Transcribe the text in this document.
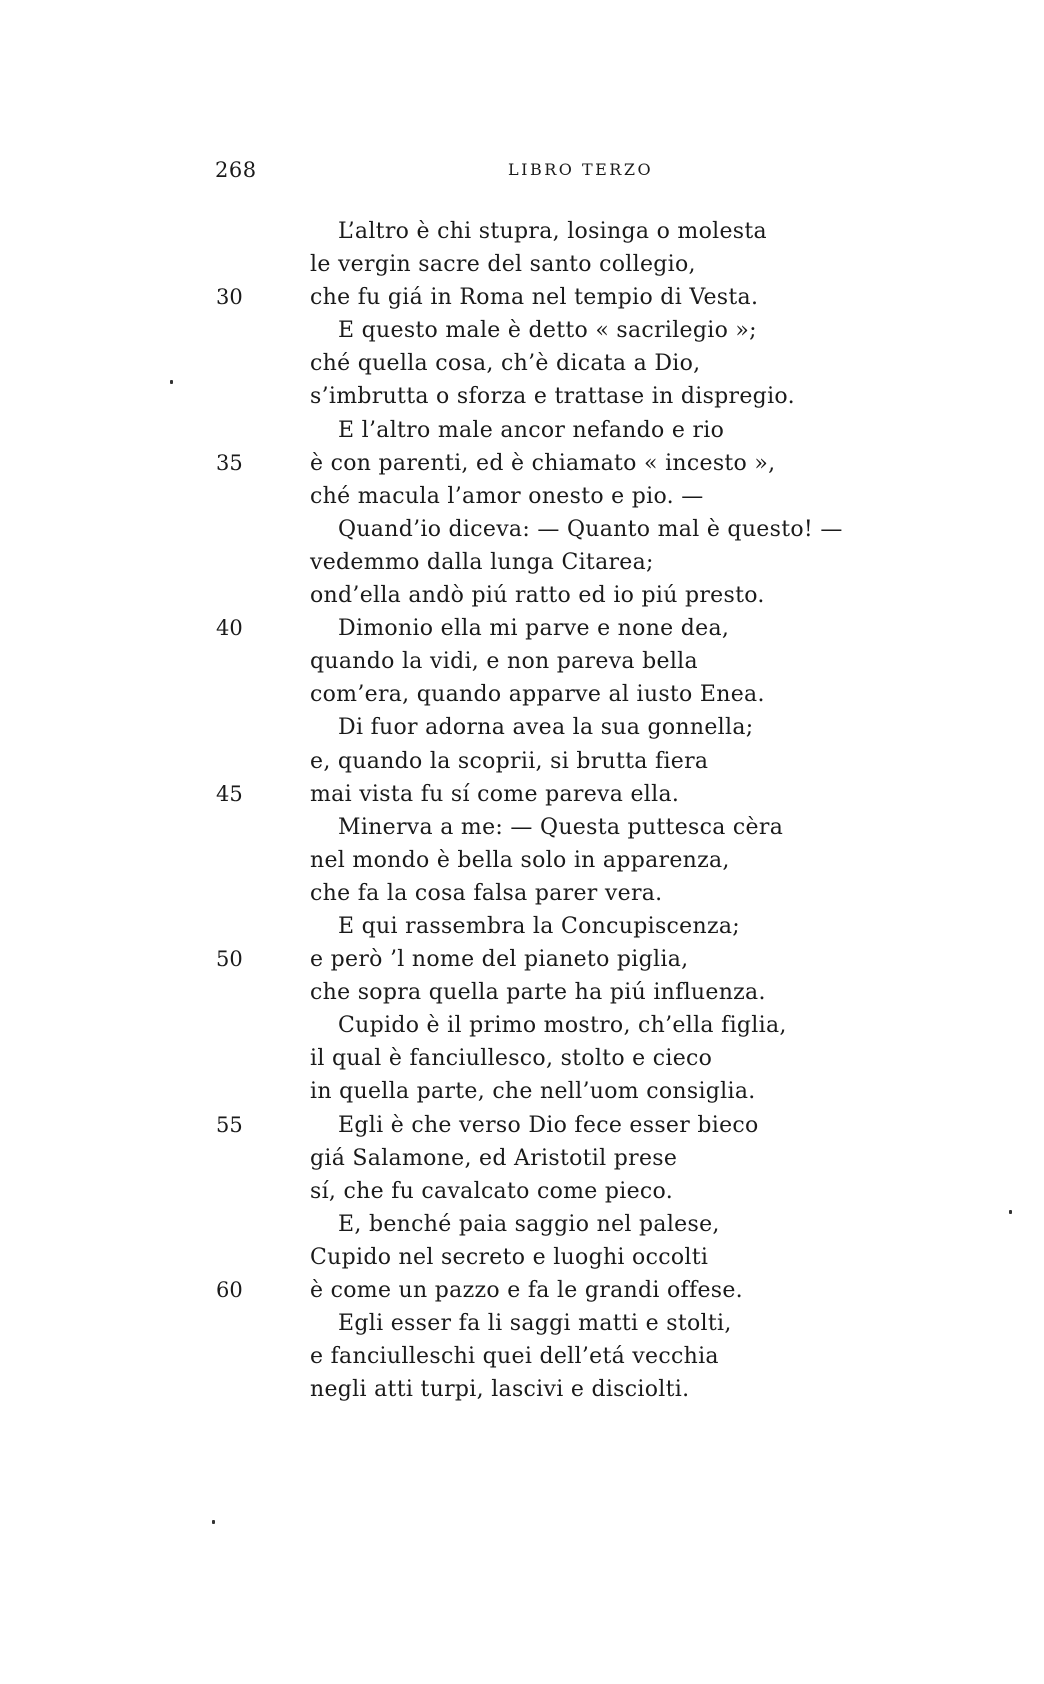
268	LIBRO TERZO
L’altro è chi stupra, losinga o molesta
le vergin sacre del santo collegio,
30	che fu giá in Roma nel tempio di Vesta.
E questo male è detto « sacrilegio »;
ché quella cosa, ch’è dicata a Dio,
s’imbrutta o sforza e trattase in dispregio.
E l’altro male ancor nefando e rio
35	è con parenti, ed è chiamato « incesto »,
ché macula l’amor onesto e pio. —
Quand’io diceva: — Quanto mal è questo! —
vedemmo dalla lunga Citarea;
ond’ella andò piú ratto ed io piú presto.
40	Dimonio ella mi parve e none dea,
quando la vidi, e non pareva bella
com’era, quando apparve al iusto Enea.
Di fuor adorna avea la sua gonnella;
e, quando la scoprii, si brutta fiera
45	mai vista fu sí come pareva ella.
Minerva a me: — Questa puttesca cèra
nel mondo è bella solo in apparenza,
che fa la cosa falsa parer vera.
E qui rassembra la Concupiscenza;
50	e però ’l nome del pianeto piglia,
che sopra quella parte ha piú influenza.
Cupido è il primo mostro, ch’ella figlia,
il qual è fanciullesco, stolto e cieco
in quella parte, che nell’uom consiglia.
55	Egli è che verso Dio fece esser bieco
giá Salamone, ed Aristotil prese
sí, che fu cavalcato come pieco.
E, benché paia saggio nel palese,
Cupido nel secreto e luoghi occolti
60	è come un pazzo e fa le grandi offese.
Egli esser fa li saggi matti e stolti,
e fanciulleschi quei dell’etá vecchia
negli atti turpi, lascivi e disciolti.
